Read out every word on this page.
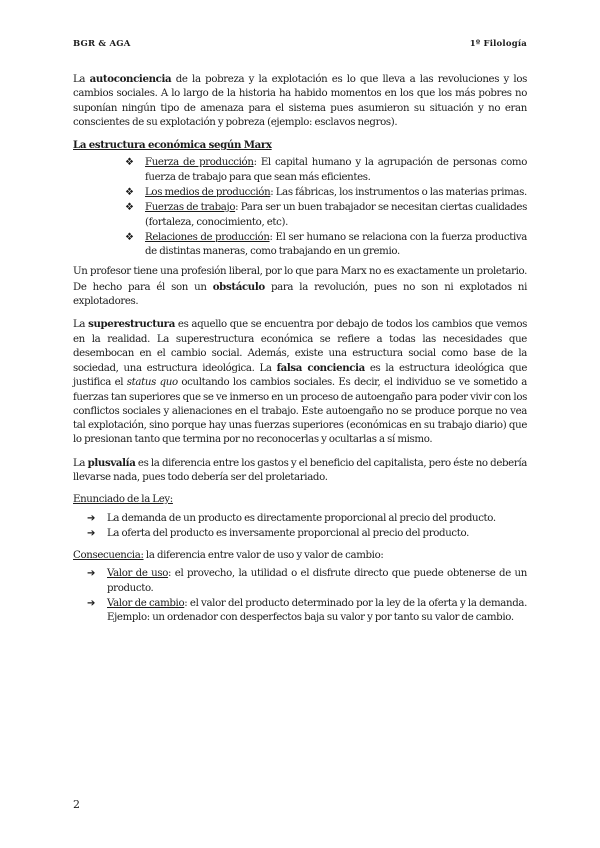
BGR & AGA	1º Filología

La autoconciencia de la pobreza y la explotación es lo que lleva a las revoluciones y los cambios sociales. A lo largo de la historia ha habido momentos en los que los más pobres no suponían ningún tipo de amenaza para el sistema pues asumieron su situación y no eran conscientes de su explotación y pobreza (ejemplo: esclavos negros).

La estructura económica según Marx
❖ Fuerza de producción: El capital humano y la agrupación de personas como fuerza de trabajo para que sean más eficientes.
❖ Los medios de producción: Las fábricas, los instrumentos o las materias primas.
❖ Fuerzas de trabajo: Para ser un buen trabajador se necesitan ciertas cualidades (fortaleza, conocimiento, etc).
❖ Relaciones de producción: El ser humano se relaciona con la fuerza productiva de distintas maneras, como trabajando en un gremio.

Un profesor tiene una profesión liberal, por lo que para Marx no es exactamente un proletario. De hecho para él son un obstáculo para la revolución, pues no son ni explotados ni explotadores.

La superestructura es aquello que se encuentra por debajo de todos los cambios que vemos en la realidad. La superestructura económica se refiere a todas las necesidades que desembocan en el cambio social. Además, existe una estructura social como base de la sociedad, una estructura ideológica. La falsa conciencia es la estructura ideológica que justifica el status quo ocultando los cambios sociales. Es decir, el individuo se ve sometido a fuerzas tan superiores que se ve inmerso en un proceso de autoengaño para poder vivir con los conflictos sociales y alienaciones en el trabajo. Este autoengaño no se produce porque no vea tal explotación, sino porque hay unas fuerzas superiores (económicas en su trabajo diario) que lo presionan tanto que termina por no reconocerlas y ocultarlas a sí mismo.

La plusvalía es la diferencia entre los gastos y el beneficio del capitalista, pero éste no debería llevarse nada, pues todo debería ser del proletariado.

Enunciado de la Ley:
➔ La demanda de un producto es directamente proporcional al precio del producto.
➔ La oferta del producto es inversamente proporcional al precio del producto.
Consecuencia: la diferencia entre valor de uso y valor de cambio:
➔ Valor de uso: el provecho, la utilidad o el disfrute directo que puede obtenerse de un producto.
➔ Valor de cambio: el valor del producto determinado por la ley de la oferta y la demanda. Ejemplo: un ordenador con desperfectos baja su valor y por tanto su valor de cambio.
2
